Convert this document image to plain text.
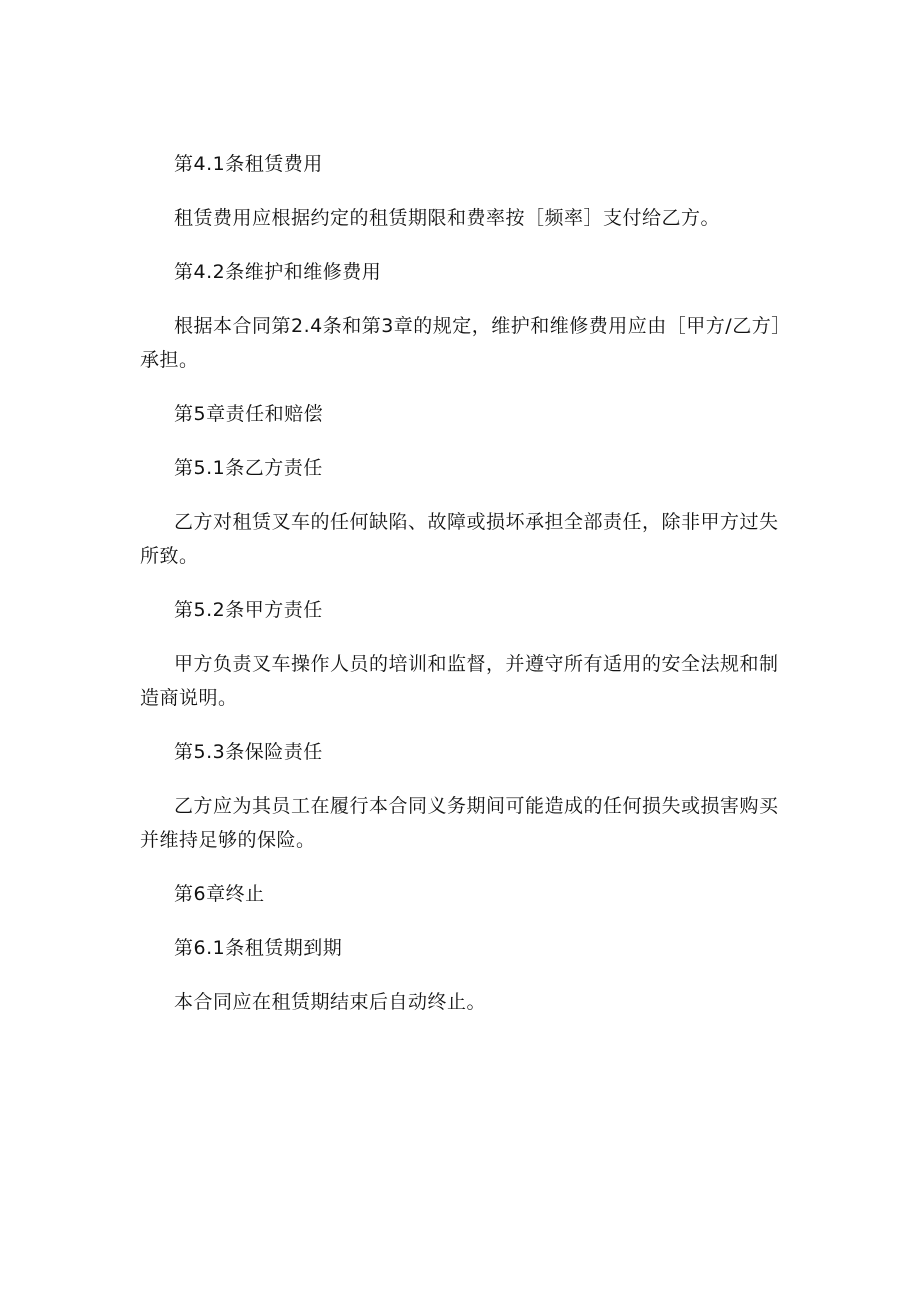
第4.1条租赁费用

租赁费用应根据约定的租赁期限和费率按［频率］支付给乙方。

第4.2条维护和维修费用

根据本合同第2.4条和第3章的规定，维护和维修费用应由［甲方/乙方］承担。

第5章责任和赔偿

第5.1条乙方责任

乙方对租赁叉车的任何缺陷、故障或损坏承担全部责任，除非甲方过失所致。

第5.2条甲方责任

甲方负责叉车操作人员的培训和监督，并遵守所有适用的安全法规和制造商说明。

第5.3条保险责任

乙方应为其员工在履行本合同义务期间可能造成的任何损失或损害购买并维持足够的保险。

第6章终止

第6.1条租赁期到期

本合同应在租赁期结束后自动终止。
